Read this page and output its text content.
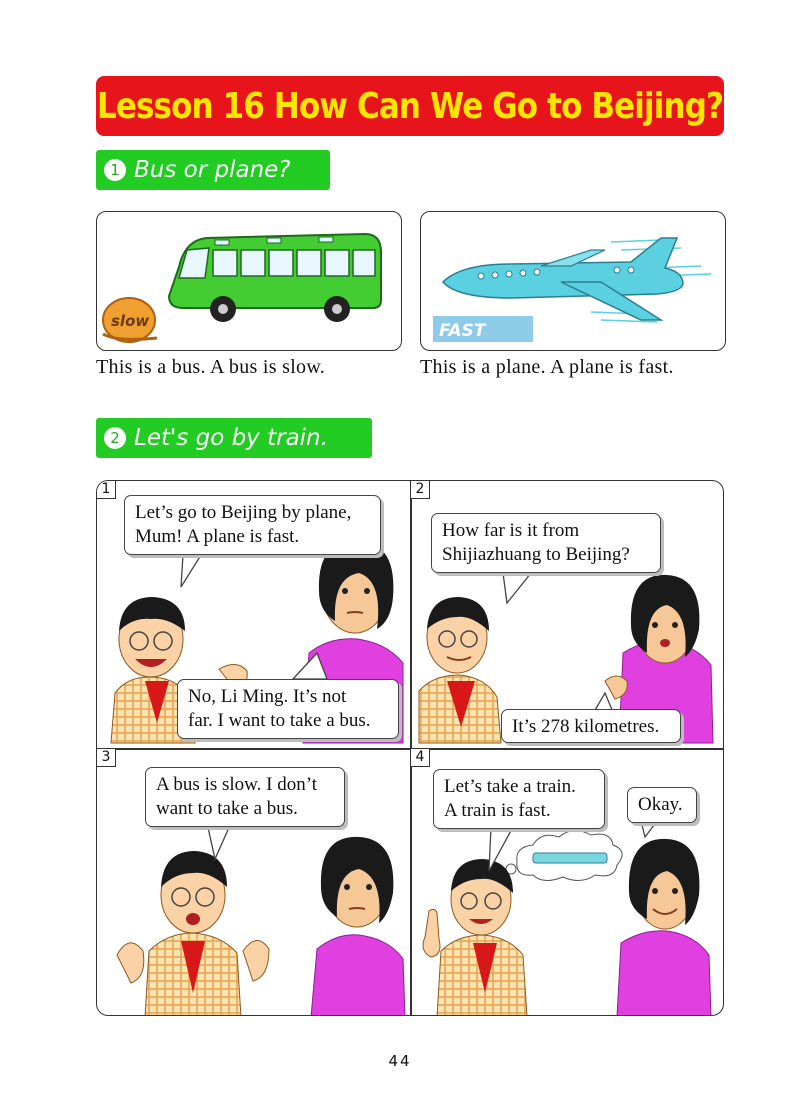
Lesson 16 How Can We Go to Beijing?
1 Bus or plane?
slow	FAST
This is a bus. A bus is slow.	This is a plane. A plane is fast.
2 Let's go by train.
1	2
3	4
Let’s go to Beijing by plane,
Mum! A plane is fast.
No, Li Ming. It’s not
far. I want to take a bus.
How far is it from
Shijiazhuang to Beijing?
It’s 278 kilometres.
A bus is slow. I don’t
want to take a bus.
Let’s take a train.
A train is fast.	Okay.
44
